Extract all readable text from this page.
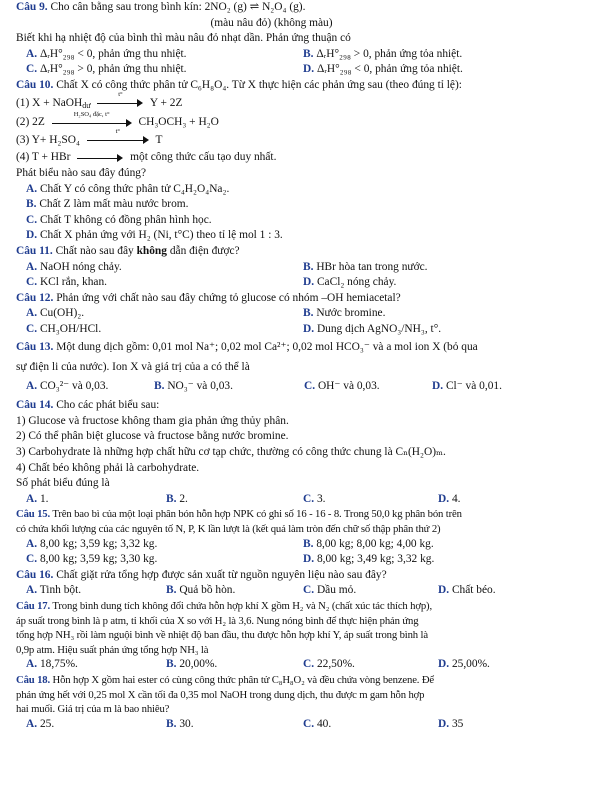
Câu 9. Cho cân bằng sau trong bình kín: 2NO₂ (g) ⇌ N₂O₄ (g).
(màu nâu đỏ) (không màu)
Biết khi hạ nhiệt độ của bình thì màu nâu đỏ nhạt dần. Phản ứng thuận có
A. ΔᵣH°₂₉₈ < 0, phản ứng thu nhiệt.	B. ΔᵣH°₂₉₈ > 0, phản ứng tỏa nhiệt.
C. ΔᵣH°₂₉₈ > 0, phản ứng thu nhiệt.	D. ΔᵣH°₂₉₈ < 0, phản ứng tỏa nhiệt.
Câu 10. Chất X có công thức phân tử C₆H₈O₄. Từ X thực hiện các phản ứng sau (theo đúng tỉ lệ):
(1) X + NaOH$_{dư}$
t°
Y + 2Z
(2) 2Z
H₂SO₄ đặc, t°
CH₃OCH₃ + H₂O
(3) Y+ H₂SO₄
t°
T
(4) T + HBr	một công thức cấu tạo duy nhất.
Phát biểu nào sau đây đúng?
A. Chất Y có công thức phân tử C₄H₂O₄Na₂.
B. Chất Z làm mất màu nước brom.
C. Chất T không có đồng phân hình học.
D. Chất X phản ứng với H₂ (Ni, t°C) theo tỉ lệ mol 1 : 3.
Câu 11. Chất nào sau đây không dẫn điện được?
A. NaOH nóng chảy.	B. HBr hòa tan trong nước.
C. KCl rắn, khan.	D. CaCl₂ nóng chảy.
Câu 12. Phản ứng với chất nào sau đây chứng tỏ glucose có nhóm –OH hemiacetal?
A. Cu(OH)₂.	B. Nước bromine.
C. CH₃OH/HCl.	D. Dung dịch AgNO₃/NH₃, t°.
Câu 13. Một dung dịch gồm: 0,01 mol Na⁺; 0,02 mol Ca²⁺; 0,02 mol HCO₃⁻ và a mol ion X (bỏ qua
sự điện li của nước). Ion X và giá trị của a có thể là
A. CO₃²⁻ và 0,03.	B. NO₃⁻ và 0,03.	C. OH⁻ và 0,03.	D. Cl⁻ và 0,01.
Câu 14. Cho các phát biểu sau:
1) Glucose và fructose không tham gia phản ứng thủy phân.
2) Có thể phân biệt glucose và fructose bằng nước bromine.
3) Carbohydrate là những hợp chất hữu cơ tạp chức, thường có công thức chung là Cₙ(H₂O)ₘ.
4) Chất béo không phải là carbohydrate.
Số phát biểu đúng là
A. 1.	B. 2.	C. 3.	D. 4.
Câu 15. Trên bao bì của một loại phân bón hỗn hợp NPK có ghi số 16 - 16 - 8. Trong 50,0 kg phân bón trên
có chứa khối lượng của các nguyên tố N, P, K lần lượt là (kết quả làm tròn đến chữ số thập phân thứ 2)
A. 8,00 kg; 3,59 kg; 3,32 kg.	B. 8,00 kg; 8,00 kg; 4,00 kg.
C. 8,00 kg; 3,59 kg; 3,30 kg.	D. 8,00 kg; 3,49 kg; 3,32 kg.
Câu 16. Chất giặt rửa tổng hợp được sản xuất từ nguồn nguyên liệu nào sau đây?
A. Tinh bột.	B. Quả bồ hòn.	C. Dầu mỏ.	D. Chất béo.
Câu 17. Trong bình dung tích không đổi chứa hỗn hợp khí X gồm H₂ và N₂ (chất xúc tác thích hợp),
áp suất trong bình là p atm, tỉ khối của X so với H₂ là 3,6. Nung nóng bình để thực hiện phản ứng
tổng hợp NH₃ rồi làm nguội bình về nhiệt độ ban đầu, thu được hỗn hợp khí Y, áp suất trong bình là
0,9p atm. Hiệu suất phản ứng tổng hợp NH₃ là
A. 18,75%.	B. 20,00%.	C. 22,50%.	D. 25,00%.
Câu 18. Hỗn hợp X gồm hai ester có cùng công thức phân tử C₈H₈O₂ và đều chứa vòng benzene. Để
phản ứng hết với 0,25 mol X cần tối đa 0,35 mol NaOH trong dung dịch, thu được m gam hỗn hợp
hai muối. Giá trị của m là bao nhiêu?
A. 25.	B. 30.	C. 40.	D. 35
